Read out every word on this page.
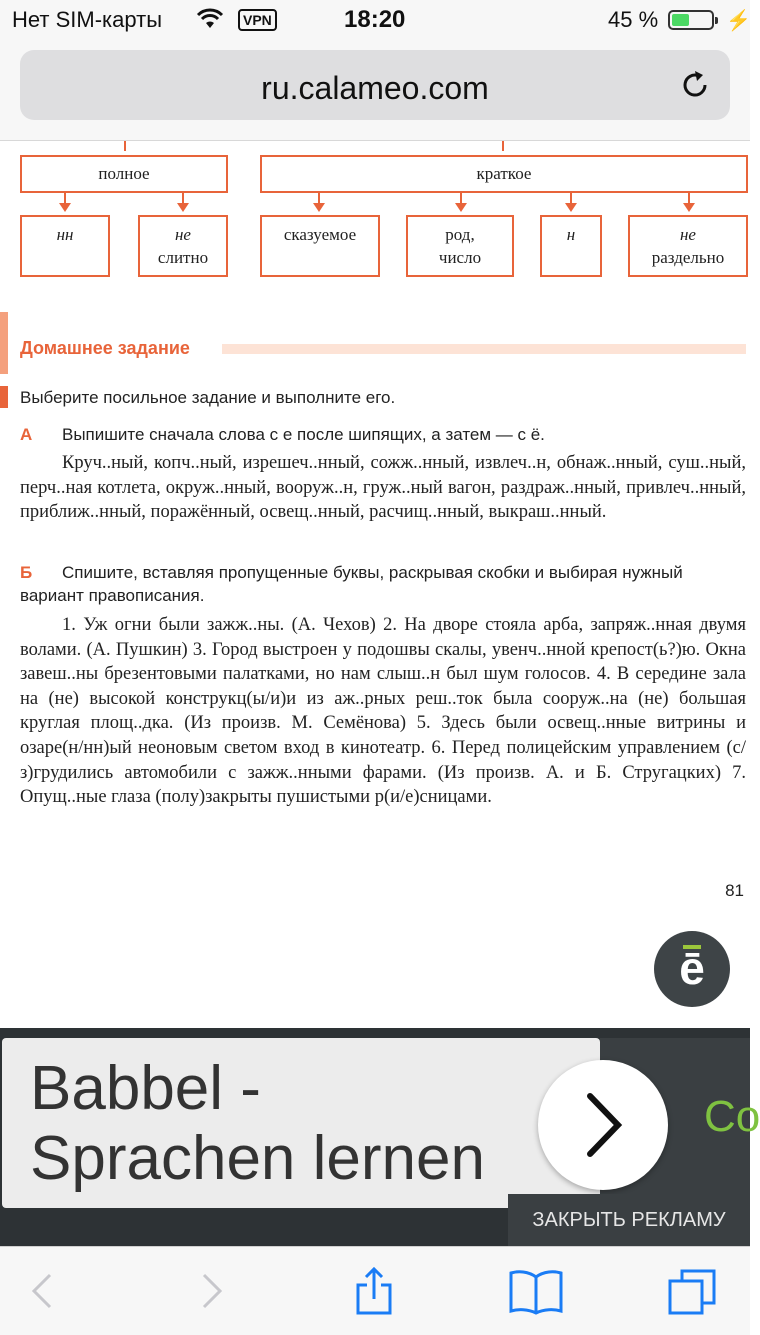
Нет SIM-карты	VPN	18:20	45 %	⚡
ru.calameo.com
полное	краткое
нн	не
слитно
сказуемое	род,
число
н	не
раздельно
Домашнее задание
Выберите посильное задание и выполните его.
А Выпишите сначала слова с е после шипящих, а затем — с ё.
Круч..ный, копч..ный, изрешеч..нный, сожж..нный, извлеч..н, обнаж..нный, суш..ный, перч..ная котлета, окруж..нный, вооруж..н, груж..ный вагон, раздраж..нный, привлеч..нный, приближ..нный, поражённый, освещ..нный, расчищ..нный, выкраш..нный.
Б	Спишите, вставляя пропущенные буквы, раскрывая скобки и выбирая нужный вариант правописания.
1. Уж огни были зажж..ны. (А. Чехов) 2. На дворе стояла арба, запряж..нная двумя волами. (А. Пушкин) 3. Город выстроен у подошвы скалы, увенч..нной крепост(ь?)ю. Окна завеш..ны брезентовыми палатками, но нам слыш..н был шум голосов. 4. В середине зала на (не) высокой конструкц(ы/и)и из аж..рных реш..ток была сооруж..на (не) большая круглая площ..дка. (Из произв. М. Семёнова) 5. Здесь были освещ..нные витрины и озаре(н/нн)ый неоновым светом вход в кинотеатр. 6. Перед полицейским управлением (с/з)грудились автомобили с зажж..нными фарами. (Из произв. А. и Б. Стругацких) 7. Опущ..ные глаза (полу)закрыты пушистыми р(и/е)сницами.
81
ē
Co
Babbel -
Sprachen lernen
ЗАКРЫТЬ РЕКЛАМУ
